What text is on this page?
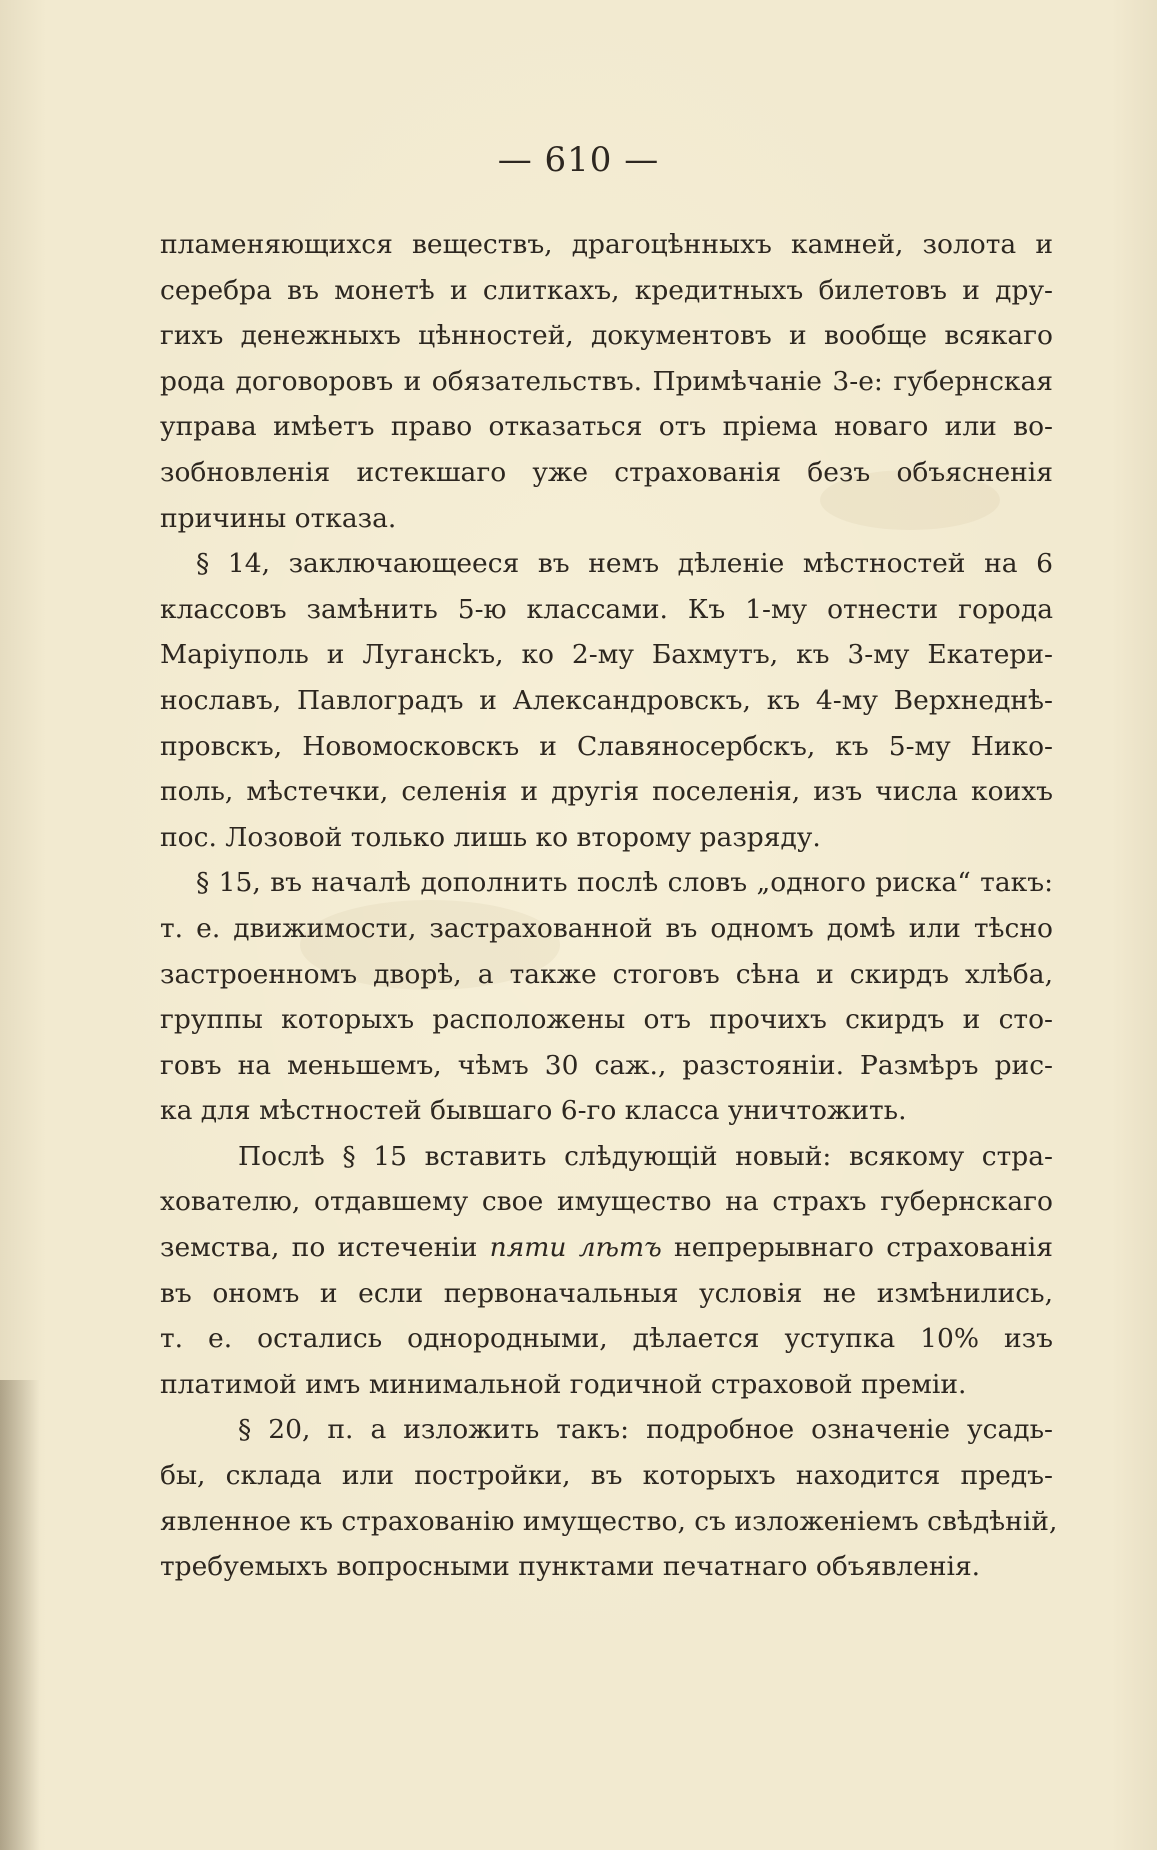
— 610 —
пламеняющихся веществъ, драгоцѣнныхъ камней, золота и
серебра въ монетѣ и слиткахъ, кредитныхъ билетовъ и дру-
гихъ денежныхъ цѣнностей, документовъ и вообще всякаго
рода договоровъ и обязательствъ. Примѣчаніе 3-е: губернская
управа имѣетъ право отказаться отъ пріема новаго или во-
зобновленія истекшаго уже страхованія безъ объясненія
причины отказа.
§ 14, заключающееся въ немъ дѣленіе мѣстностей на 6
классовъ замѣнить 5-ю классами. Къ 1-му отнести города
Маріуполь и Лугансkъ, ко 2-му Бахмутъ, къ 3-му Екатери-
нославъ, Павлоградъ и Александровскъ, къ 4-му Верхнеднѣ-
провскъ, Новомосковскъ и Славяносербскъ, къ 5-му Нико-
поль, мѣстечки, селенія и другія поселенія, изъ числа коихъ
пос. Лозовой только лишь ко второму разряду.
§ 15, въ началѣ дополнить послѣ словъ „одного риска“ такъ:
т. е. движимости, застрахованной въ одномъ домѣ или тѣсно
застроенномъ дворѣ, а также стоговъ сѣна и скирдъ хлѣба,
группы которыхъ расположены отъ прочихъ скирдъ и сто-
говъ на меньшемъ, чѣмъ 30 саж., разстояніи. Размѣръ рис-
ка для мѣстностей бывшаго 6-го класса уничтожить.
Послѣ § 15 вставить слѣдующій новый: всякому стра-
хователю, отдавшему свое имущество на страхъ губернскаго
земства, по истеченіи пяти лѣтъ непрерывнаго страхованія
въ ономъ и если первоначальныя условія не измѣнились,
т. е. остались однородными, дѣлается уступка 10% изъ
платимой имъ минимальной годичной страховой преміи.
§ 20, п. а изложить такъ: подробное означеніе усадь-
бы, склада или постройки, въ которыхъ находится предъ-
явленное къ страхованію имущество, съ изложеніемъ свѣдѣній,
требуемыхъ вопросными пунктами печатнаго объявленія.
